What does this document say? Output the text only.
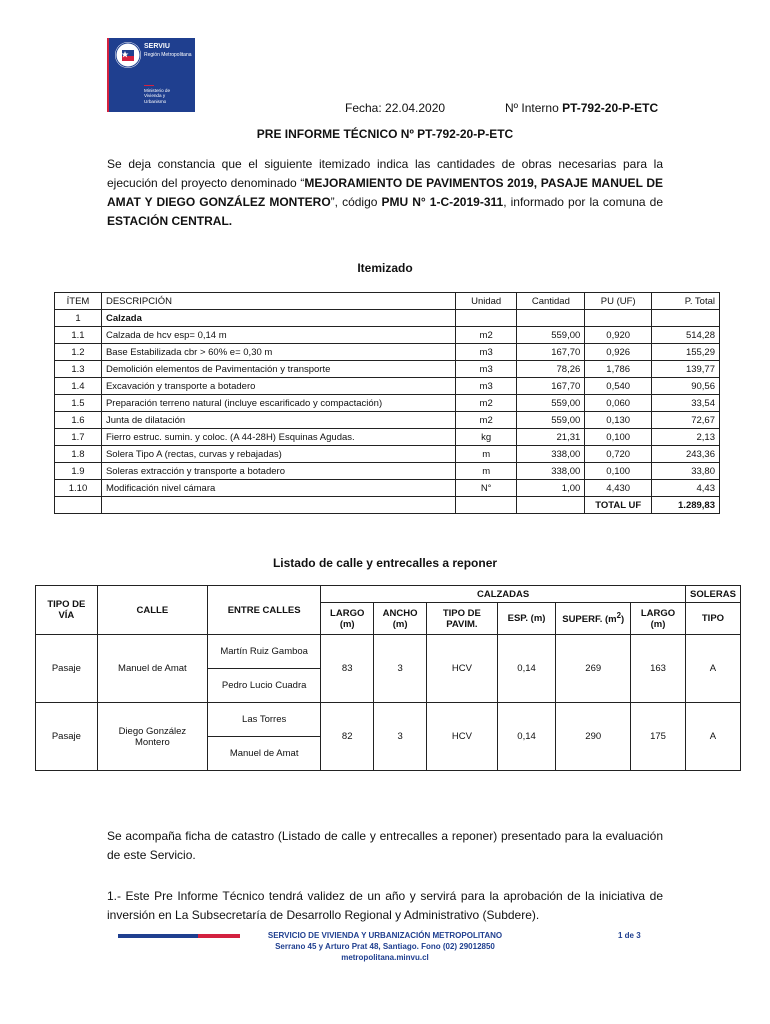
SERVIU
Región Metropolitana
Ministerio de
Vivienda y
Urbanismo	Fecha: 22.04.2020	Nº Interno PT-792-20-P-ETC
PRE INFORME TÉCNICO Nº PT-792-20-P-ETC
Se deja constancia que el siguiente itemizado indica las cantidades de obras necesarias para la ejecución del proyecto denominado “MEJORAMIENTO DE PAVIMENTOS 2019, PASAJE MANUEL DE AMAT Y DIEGO GONZÁLEZ MONTERO”, código PMU N° 1-C-2019-311, informado por la comuna de ESTACIÓN CENTRAL.
Itemizado
ÍTEM	DESCRIPCIÓN	Unidad	Cantidad	PU (UF)	P. Total
1	Calzada				
1.1	Calzada de hcv esp= 0,14 m	m2	559,00	0,920	514,28
1.2	Base Estabilizada cbr > 60% e= 0,30 m	m3	167,70	0,926	155,29
1.3	Demolición elementos de Pavimentación y transporte	m3	78,26	1,786	139,77
1.4	Excavación y transporte a botadero	m3	167,70	0,540	90,56
1.5	Preparación terreno natural (incluye escarificado y compactación)	m2	559,00	0,060	33,54
1.6	Junta de dilatación	m2	559,00	0,130	72,67
1.7	Fierro estruc. sumin. y coloc. (A 44-28H) Esquinas Agudas.	kg	21,31	0,100	2,13
1.8	Solera Tipo A (rectas, curvas y rebajadas)	m	338,00	0,720	243,36
1.9	Soleras extracción y transporte a botadero	m	338,00	0,100	33,80
1.10	Modificación nivel cámara	N°	1,00	4,430	4,43
				TOTAL UF	1.289,83
Listado de calle y entrecalles a reponer
TIPO DE VÍA	CALLE	ENTRE CALLES	CALZADAS						SOLERAS
			LARGO (m)	ANCHO (m)	TIPO DE PAVIM.	ESP. (m)	SUPERF. $(m^2)$	LARGO (m)	TIPO
Pasaje	Manuel de Amat	Martín Ruiz Gamboa	83	3	HCV	0,14	269	163	A
		Pedro Lucio Cuadra							
Pasaje	Diego González Montero	Las Torres	82	3	HCV	0,14	290	175	A
		Manuel de Amat							
Se acompaña ficha de catastro (Listado de calle y entrecalles a reponer) presentado para la evaluación de este Servicio.
1.- Este Pre Informe Técnico tendrá validez de un año y servirá para la aprobación de la iniciativa de inversión en La Subsecretaría de Desarrollo Regional y Administrativo (Subdere).
SERVICIO DE VIVIENDA Y URBANIZACIÓN METROPOLITANO
Serrano 45 y Arturo Prat 48, Santiago. Fono (02) 29012850
metropolitana.minvu.cl
1 de 3
